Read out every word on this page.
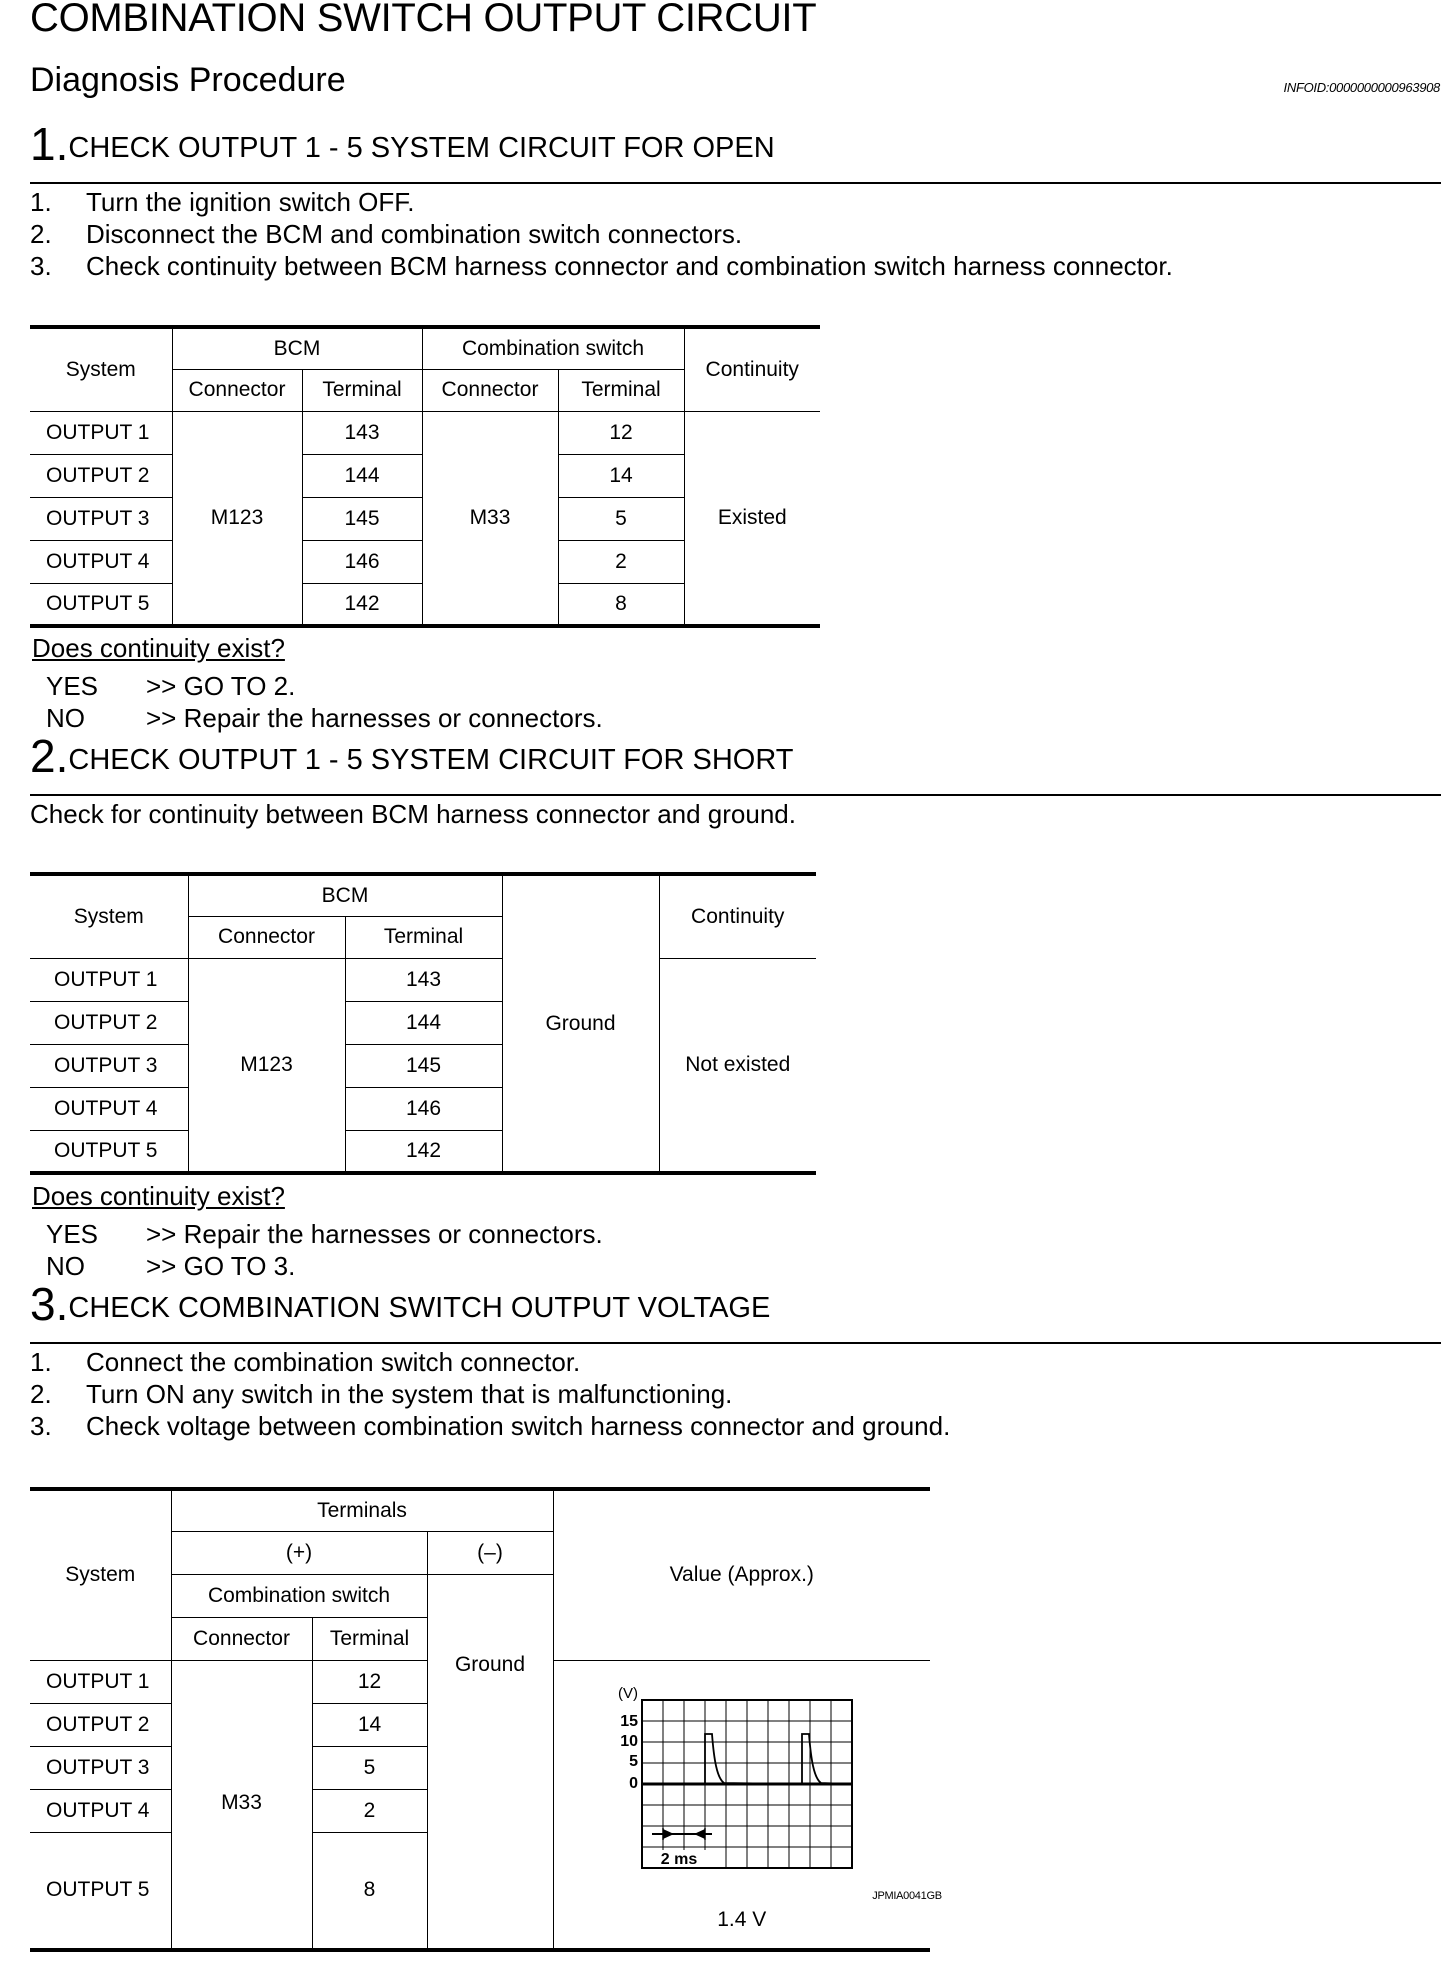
COMBINATION SWITCH OUTPUT CIRCUIT
Diagnosis Procedure	INFOID:0000000000963908
1.CHECK OUTPUT 1 - 5 SYSTEM CIRCUIT FOR OPEN
1.	Turn the ignition switch OFF.
2.	Disconnect the BCM and combination switch connectors.
3.	Check continuity between BCM harness connector and combination switch harness connector.
System	BCM		Combination switch		Continuity
	Connector	Terminal	Connector	Terminal	
OUTPUT 1	M123	143	M33	12	Existed
OUTPUT 2		144		14	
OUTPUT 3		145		5	
OUTPUT 4		146		2	
OUTPUT 5		142		8	
Does continuity exist?
YES	>> GO TO 2.
NO	>> Repair the harnesses or connectors.
2.CHECK OUTPUT 1 - 5 SYSTEM CIRCUIT FOR SHORT
Check for continuity between BCM harness connector and ground.
System	BCM		Ground	Continuity
	Connector	Terminal		
OUTPUT 1	M123	143		Not existed
OUTPUT 2		144		
OUTPUT 3		145		
OUTPUT 4		146		
OUTPUT 5		142		
Does continuity exist?
YES	>> Repair the harnesses or connectors.
NO	>> GO TO 3.
3.CHECK COMBINATION SWITCH OUTPUT VOLTAGE
1.	Connect the combination switch connector.
2.	Turn ON any switch in the system that is malfunctioning.
3.	Check voltage between combination switch harness connector and ground.
System	Terminals			Value (Approx.)
	(+)		(–)	
	Combination switch		Ground	
	Connector	Terminal		
OUTPUT 1	M33	12	
(V)
15
10
5
0
2 ms
JPMIA0041GB
1.4 V

OUTPUT 2		14		
OUTPUT 3		5		
OUTPUT 4		2		
OUTPUT 5		8		
